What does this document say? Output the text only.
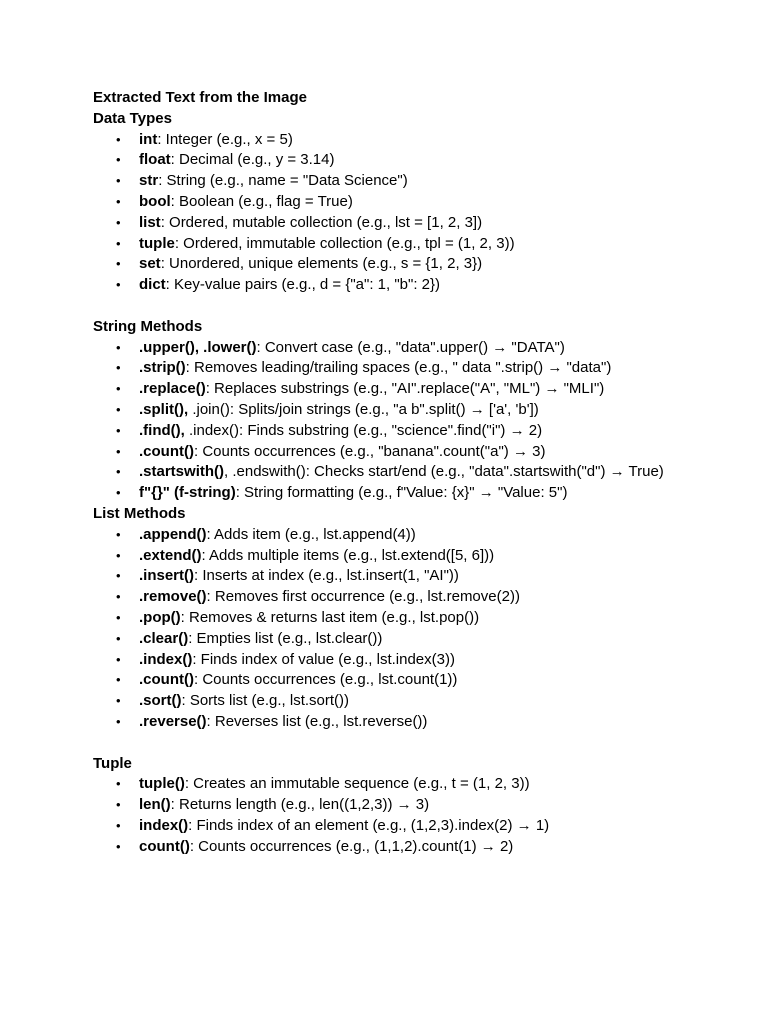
Extracted Text from the Image

Data Types

• int: Integer (e.g., x = 5)
• float: Decimal (e.g., y = 3.14)
• str: String (e.g., name = "Data Science")
• bool: Boolean (e.g., flag = True)
• list: Ordered, mutable collection (e.g., lst = [1, 2, 3])
• tuple: Ordered, immutable collection (e.g., tpl = (1, 2, 3))
• set: Unordered, unique elements (e.g., s = {1, 2, 3})
• dict: Key-value pairs (e.g., d = {"a": 1, "b": 2})

String Methods

• .upper(), .lower(): Convert case (e.g., "data".upper() → "DATA")
• .strip(): Removes leading/trailing spaces (e.g., " data ".strip() → "data")
• .replace(): Replaces substrings (e.g., "AI".replace("A", "ML") → "MLI")
• .split(), .join(): Splits/join strings (e.g., "a b".split() → ['a', 'b'])
• .find(), .index(): Finds substring (e.g., "science".find("i") → 2)
• .count(): Counts occurrences (e.g., "banana".count("a") → 3)
• .startswith(), .endswith(): Checks start/end (e.g., "data".startswith("d") → True)
• f"{}" (f-string): String formatting (e.g., f"Value: {x}" → "Value: 5")

List Methods

• .append(): Adds item (e.g., lst.append(4))
• .extend(): Adds multiple items (e.g., lst.extend([5, 6]))
• .insert(): Inserts at index (e.g., lst.insert(1, "AI"))
• .remove(): Removes first occurrence (e.g., lst.remove(2))
• .pop(): Removes & returns last item (e.g., lst.pop())
• .clear(): Empties list (e.g., lst.clear())
• .index(): Finds index of value (e.g., lst.index(3))
• .count(): Counts occurrences (e.g., lst.count(1))
• .sort(): Sorts list (e.g., lst.sort())
• .reverse(): Reverses list (e.g., lst.reverse())

Tuple

• tuple(): Creates an immutable sequence (e.g., t = (1, 2, 3))
• len(): Returns length (e.g., len((1,2,3)) → 3)
• index(): Finds index of an element (e.g., (1,2,3).index(2) → 1)
• count(): Counts occurrences (e.g., (1,1,2).count(1) → 2)
